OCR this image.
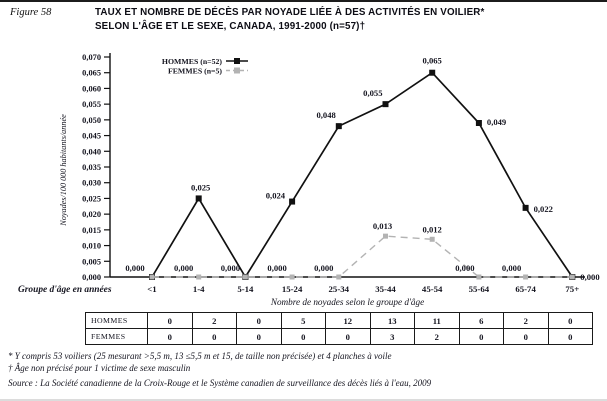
Figure 58	TAUX ET NOMBRE DE DÉCÈS PAR NOYADE LIÉE À DES ACTIVITÉS EN VOILIER*
SELON L'ÂGE ET LE SEXE, CANADA, 1991-2000 (n=57)†
0,000
0,005
0,010
0,015
0,020
0,025
0,030
0,035
0,040
0,045
0,050
0,055
0,060
0,065
0,070
Noyades/100 000 habitants/année
0,000
0,025
0,000
0,024
0,048
0,055
0,065
0,049
0,022
0,000
0,000	0,000	0,000
0,013	0,012
0,000	0,000
<1	1-4	5-14	15-24	25-34	35-44	45-54	55-64	65-74	75+
Groupe d'âge en années
Nombre de noyades selon le groupe d'âge
HOMMES (n=52)
FEMMES (n=5)
HOMMES	0	2	0	5	12	13	11	6	2	0
FEMMES	0	0	0	0	0	3	2	0	0	0
* Y compris 53 voiliers (25 mesurant >5,5 m, 13 ≤5,5 m et 15, de taille non précisée) et 4 planches à voile
† Âge non précisé pour 1 victime de sexe masculin
Source : La Société canadienne de la Croix-Rouge et le Système canadien de surveillance des décès liés à l'eau, 2009
